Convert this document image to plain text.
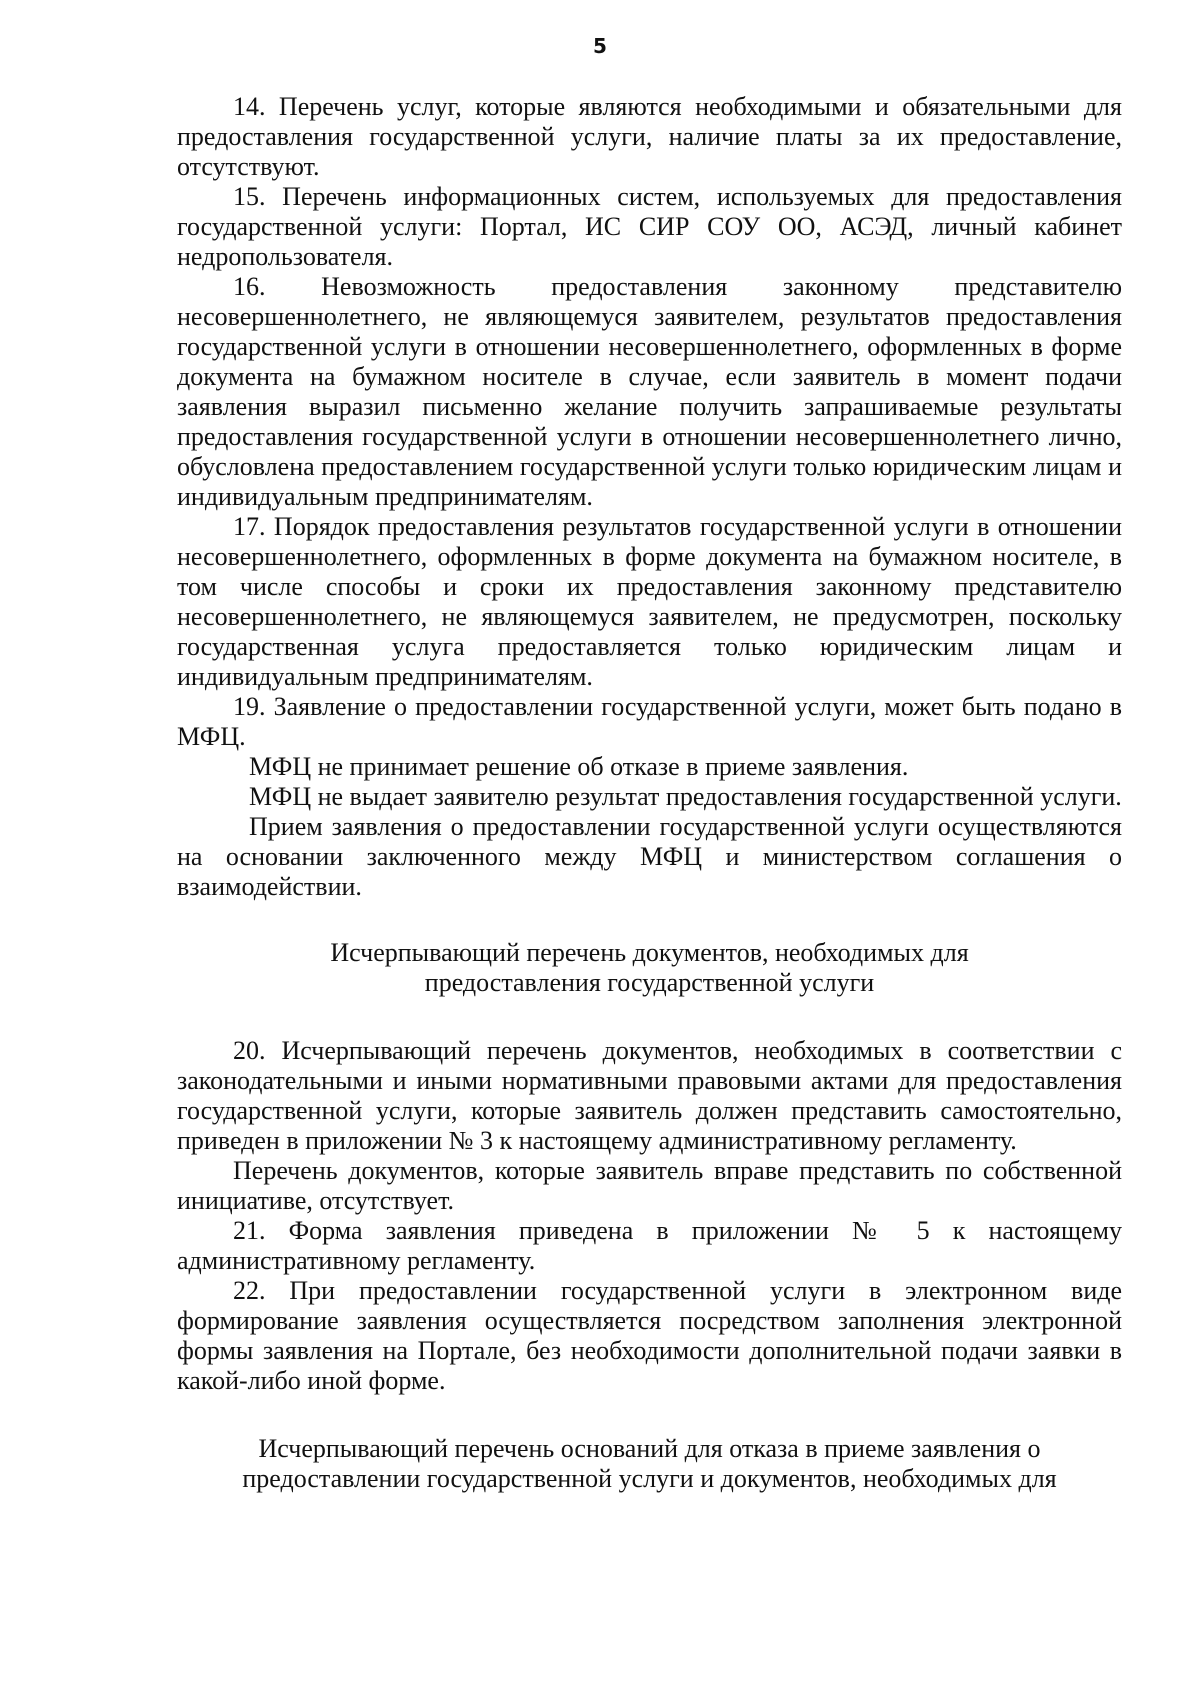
5

14. Перечень услуг, которые являются необходимыми и обязательными для предоставления государственной услуги, наличие платы за их предоставление, отсутствуют.

15. Перечень информационных систем, используемых для предоставления государственной услуги: Портал, ИС СИР СОУ ОО, АСЭД, личный кабинет недропользователя.

16. Невозможность предоставления законному представителю несовершеннолетнего, не являющемуся заявителем, результатов предоставления государственной услуги в отношении несовершеннолетнего, оформленных в форме документа на бумажном носителе в случае, если заявитель в момент подачи заявления выразил письменно желание получить запрашиваемые результаты предоставления государственной услуги в отношении несовершеннолетнего лично, обусловлена предоставлением государственной услуги только юридическим лицам и индивидуальным предпринимателям.

17. Порядок предоставления результатов государственной услуги в отношении несовершеннолетнего, оформленных в форме документа на бумажном носителе, в том числе способы и сроки их предоставления законному представителю несовершеннолетнего, не являющемуся заявителем, не предусмотрен, поскольку государственная услуга предоставляется только юридическим лицам и индивидуальным предпринимателям.

19. Заявление о предоставлении государственной услуги, может быть подано в МФЦ.

МФЦ не принимает решение об отказе в приеме заявления.

МФЦ не выдает заявителю результат предоставления государственной услуги.

Прием заявления о предоставлении государственной услуги осуществляются на основании заключенного между МФЦ и министерством соглашения о взаимодействии.

Исчерпывающий перечень документов, необходимых для

предоставления государственной услуги

20. Исчерпывающий перечень документов, необходимых в соответствии с законодательными и иными нормативными правовыми актами для предоставления государственной услуги, которые заявитель должен представить самостоятельно, приведен в приложении № 3 к настоящему административному регламенту.

Перечень документов, которые заявитель вправе представить по собственной инициативе, отсутствует.

21. Форма заявления приведена в приложении № 5 к настоящему административному регламенту.

22. При предоставлении государственной услуги в электронном виде формирование заявления осуществляется посредством заполнения электронной формы заявления на Портале, без необходимости дополнительной подачи заявки в какой-либо иной форме.

Исчерпывающий перечень оснований для отказа в приеме заявления о

предоставлении государственной услуги и документов, необходимых для
